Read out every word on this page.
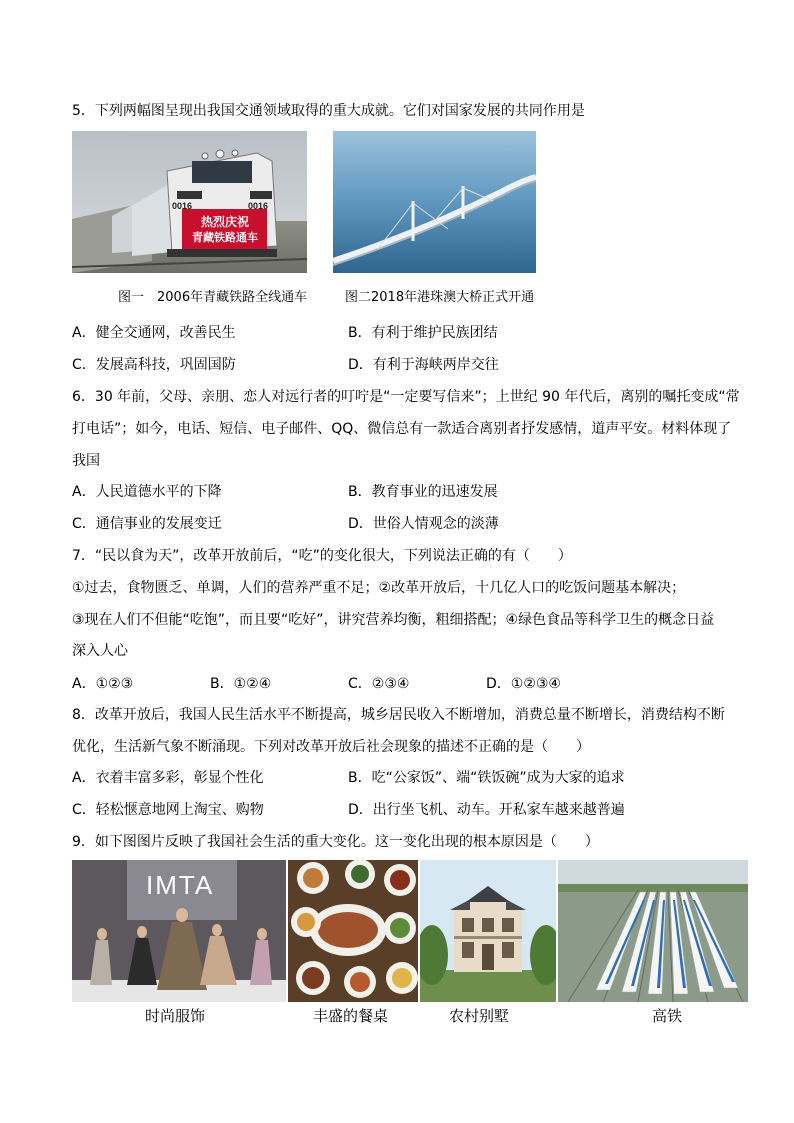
5．下列两幅图呈现出我国交通领域取得的重大成就。它们对国家发展的共同作用是
0016	0016
热烈庆祝
青藏铁路通车
图一　2006年青藏铁路全线通车	图二2018年港珠澳大桥正式开通
A．健全交通网，改善民生	B．有利于维护民族团结
C．发展高科技，巩固国防	D．有利于海峡两岸交往
6．30 年前，父母、亲朋、恋人对远行者的叮咛是“一定要写信来”；上世纪 90 年代后，离别的嘱托变成“常
打电话”；如今，电话、短信、电子邮件、QQ、微信总有一款适合离别者抒发感情，道声平安。材料体现了
我国
A．人民道德水平的下降	B．教育事业的迅速发展
C．通信事业的发展变迁	D．世俗人情观念的淡薄
7．“民以食为天”，改革开放前后，“吃”的变化很大，下列说法正确的有（　　）
①过去，食物匮乏、单调，人们的营养严重不足；②改革开放后，十几亿人口的吃饭问题基本解决；
③现在人们不但能“吃饱”，而且要“吃好”，讲究营养均衡，粗细搭配；④绿色食品等科学卫生的概念日益
深入人心
A．①②③	B．①②④	C．②③④	D．①②③④
8．改革开放后，我国人民生活水平不断提高，城乡居民收入不断增加，消费总量不断增长，消费结构不断
优化，生活新气象不断涌现。下列对改革开放后社会现象的描述不正确的是（　　）
A．衣着丰富多彩，彰显个性化	B．吃“公家饭”、端“铁饭碗”成为大家的追求
C．轻松惬意地网上淘宝、购物	D．出行坐飞机、动车。开私家车越来越普遍
9．如下图图片反映了我国社会生活的重大变化。这一变化出现的根本原因是（　　）
IMTA
时尚服饰	丰盛的餐桌	农村别墅	高铁
